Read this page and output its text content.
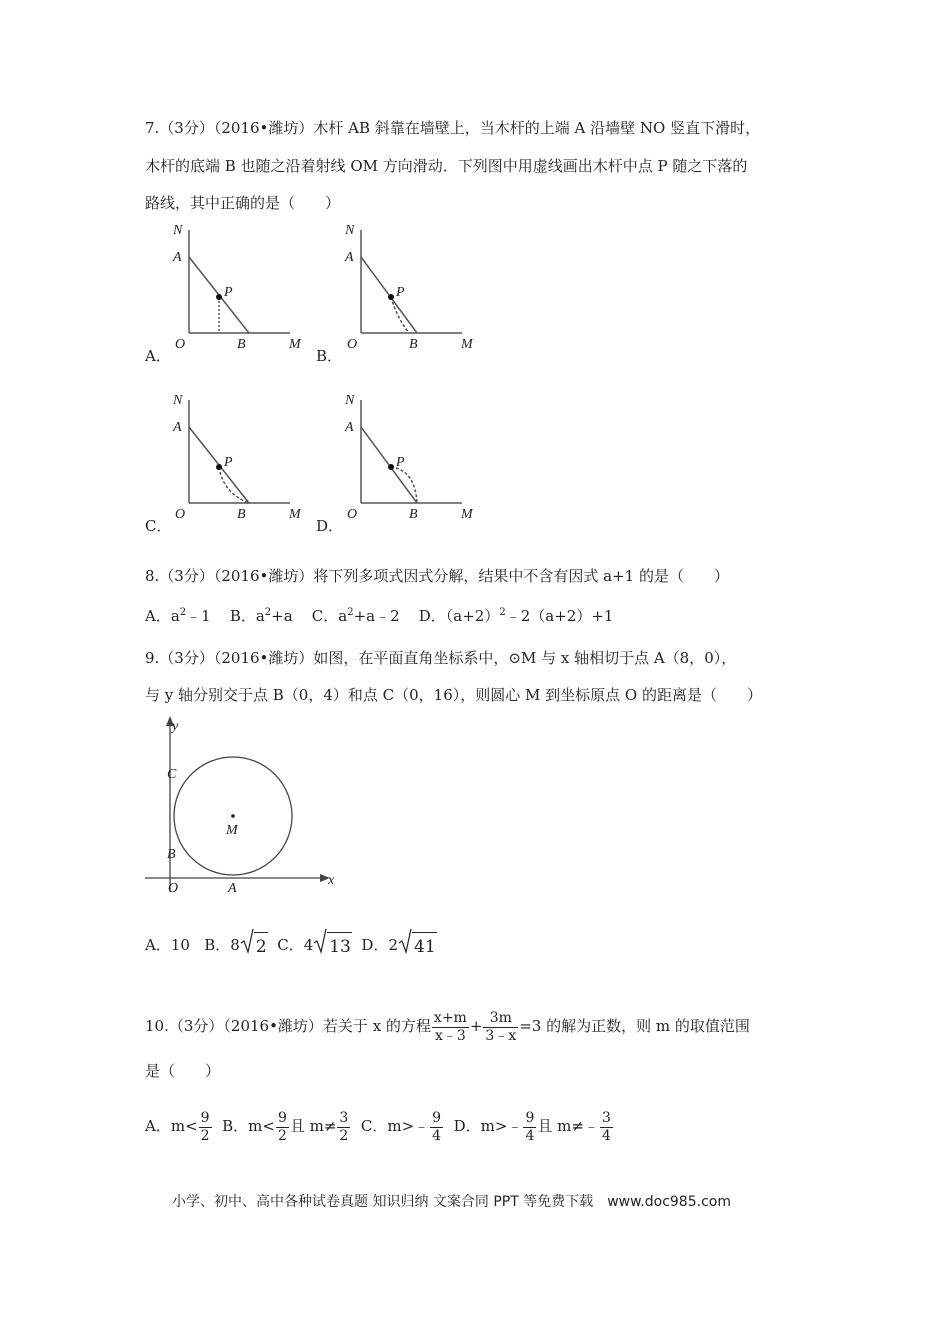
7.（3分）（2016•潍坊）木杆 AB 斜靠在墙壁上，当木杆的上端 A 沿墙壁 NO 竖直下滑时，
木杆的底端 B 也随之沿着射线 OM 方向滑动．下列图中用虚线画出木杆中点 P 随之下落的
路线，其中正确的是（　　）
A．
N
A
P
O	B	M
B．
N
A
P
O	B	M
C．
N
A
P
O	B	M
D．
N
A
P
O	B	M
8.（3分）（2016•潍坊）将下列多项式因式分解，结果中不含有因式 a+1 的是（　　）
A．$a^2﹣1$ B．$a^2+a$ C．$a^2+a﹣2$ D．$(a+2)^2﹣2(a+2)+1$
9.（3分）（2016•潍坊）如图，在平面直角坐标系中，⊙M 与 x 轴相切于点 A（8，0），
与 y 轴分别交于点 B（0，4）和点 C（0，16），则圆心 M 到坐标原点 O 的距离是（　　）
y
x
C
M
B
O	A
A．10 B．8 2 C．4 13 D．2 41
10.（3分）（2016•潍坊）若关于 x 的方程 $\frac{x+m}{x﹣3} + \frac{3m}{3﹣x} =3$ 的解为正数，则 m 的取值范围
是（　　）
A．$m< \frac{9}{2}$ B．$m< \frac{9}{2}$ 且 $m\ne \frac{3}{2}$ C．m>﹣ $\frac{9}{4}$ D．m>﹣ $\frac{9}{4}$ 且 m≠﹣ $\frac{3}{4}$
小学、初中、高中各种试卷真题 知识归纳 文案合同 PPT 等免费下载　www.doc985.com
